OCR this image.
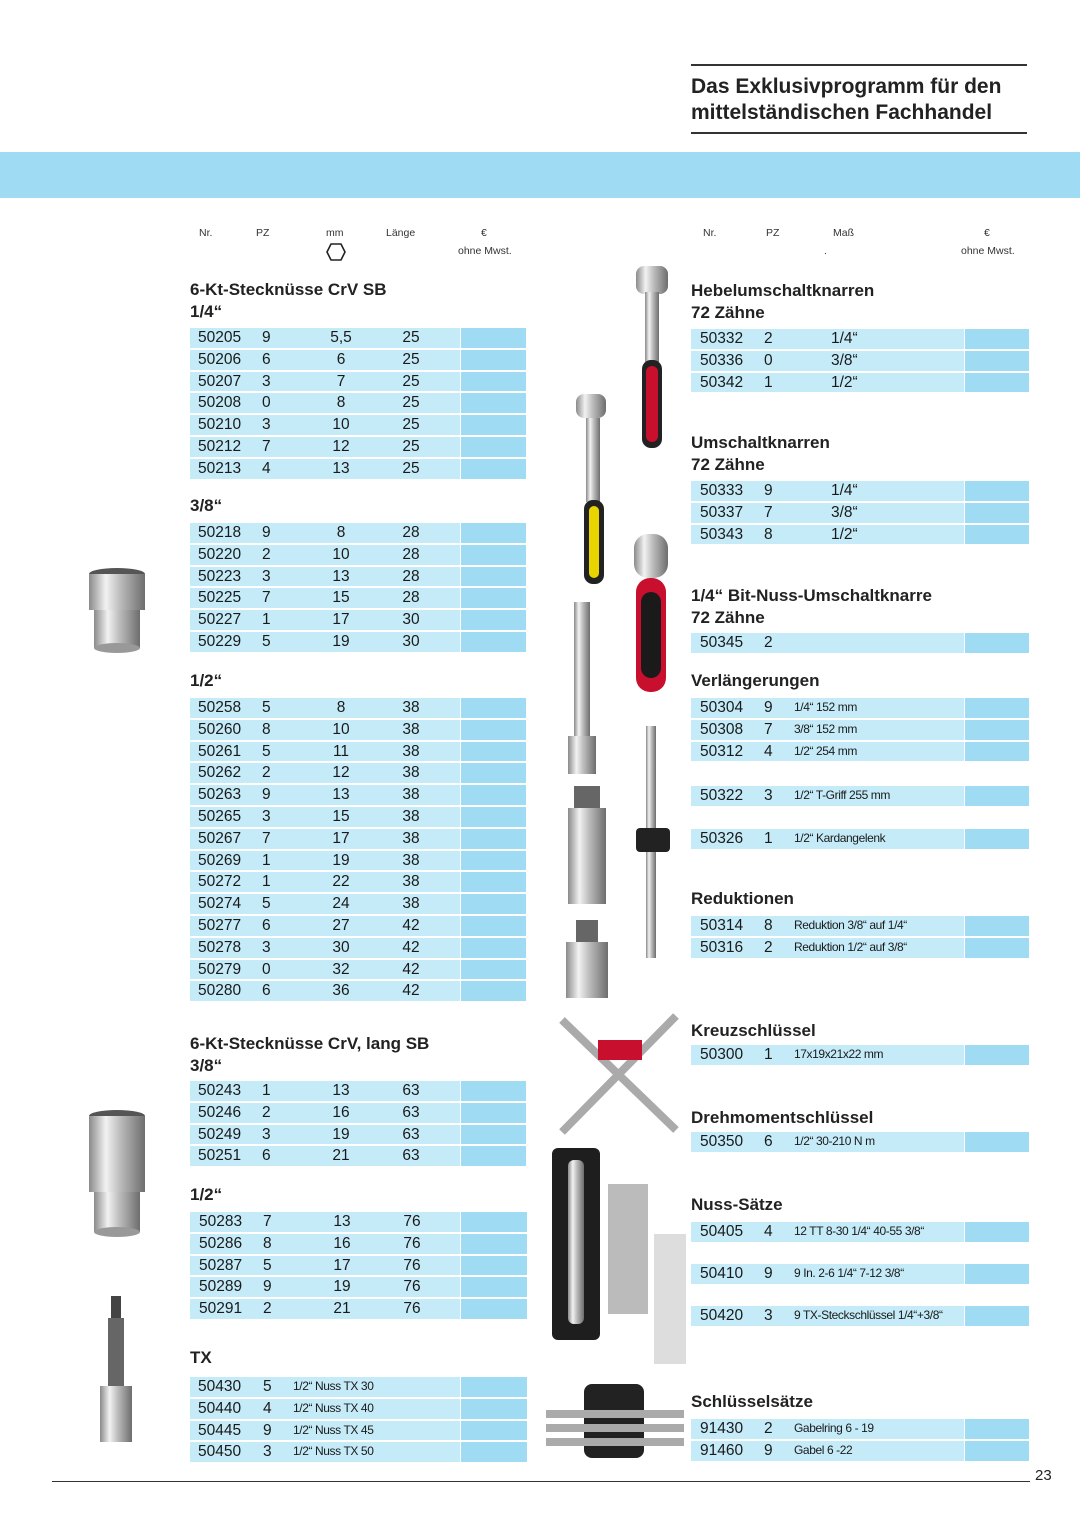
Das Exklusivprogramm für den
mittelständischen Fachhandel
Nr.	PZ	mm	Länge	€
ohne Mwst.
Nr.	PZ	Maß
.
€
ohne Mwst.
6-Kt-Stecknüsse CrV SB
1/4“
50205 9	5,5	25
50206 6	6	25
50207 3	7	25
50208 0	8	25
50210 3	10	25
50212 7	12	25
50213 4	13	25
3/8“
50218 9	8	28
50220 2	10	28
50223 3	13	28
50225 7	15	28
50227 1	17	30
50229 5	19	30
1/2“
50258 5	8	38
50260 8	10	38
50261 5	11	38
50262 2	12	38
50263 9	13	38
50265 3	15	38
50267 7	17	38
50269 1	19	38
50272 1	22	38
50274 5	24	38
50277 6	27	42
50278 3	30	42
50279 0	32	42
50280 6	36	42
6-Kt-Stecknüsse CrV, lang SB
3/8“
50243 1	13	63
50246 2	16	63
50249 3	19	63
50251 6	21	63
1/2“
50283 7	13	76
50286 8	16	76
50287 5	17	76
50289 9	19	76
50291 2	21	76
TX
50430 5 1/2“ Nuss TX 30
50440 4 1/2“ Nuss TX 40
50445 9 1/2“ Nuss TX 45
50450 3 1/2“ Nuss TX 50
Hebelumschaltknarren
72 Zähne
50332 2	1/4“
50336 0	3/8“
50342 1	1/2“
Umschaltknarren
72 Zähne
50333 9	1/4“
50337 7	3/8“
50343 8	1/2“
1/4“ Bit-Nuss-Umschaltknarre
72 Zähne
50345 2
Verlängerungen
50304 9 1/4“ 152 mm
50308 7 3/8“ 152 mm
50312 4 1/2“ 254 mm
50322 3 1/2“ T-Griff 255 mm
50326 1 1/2“ Kardangelenk
Reduktionen
50314 8 Reduktion 3/8“ auf 1/4“
50316 2 Reduktion 1/2“ auf 3/8“
Kreuzschlüssel
50300 1 17x19x21x22 mm
Drehmomentschlüssel
50350 6 1/2“ 30-210 N m
Nuss-Sätze
50405 4 12 TT 8-30 1/4“ 40-55 3/8“
50410 9 9 In. 2-6 1/4“ 7-12 3/8“
50420 3 9 TX-Steckschlüssel 1/4“+3/8“
Schlüsselsätze
91430 2 Gabelring 6 - 19
91460 9 Gabel 6 -22
23
